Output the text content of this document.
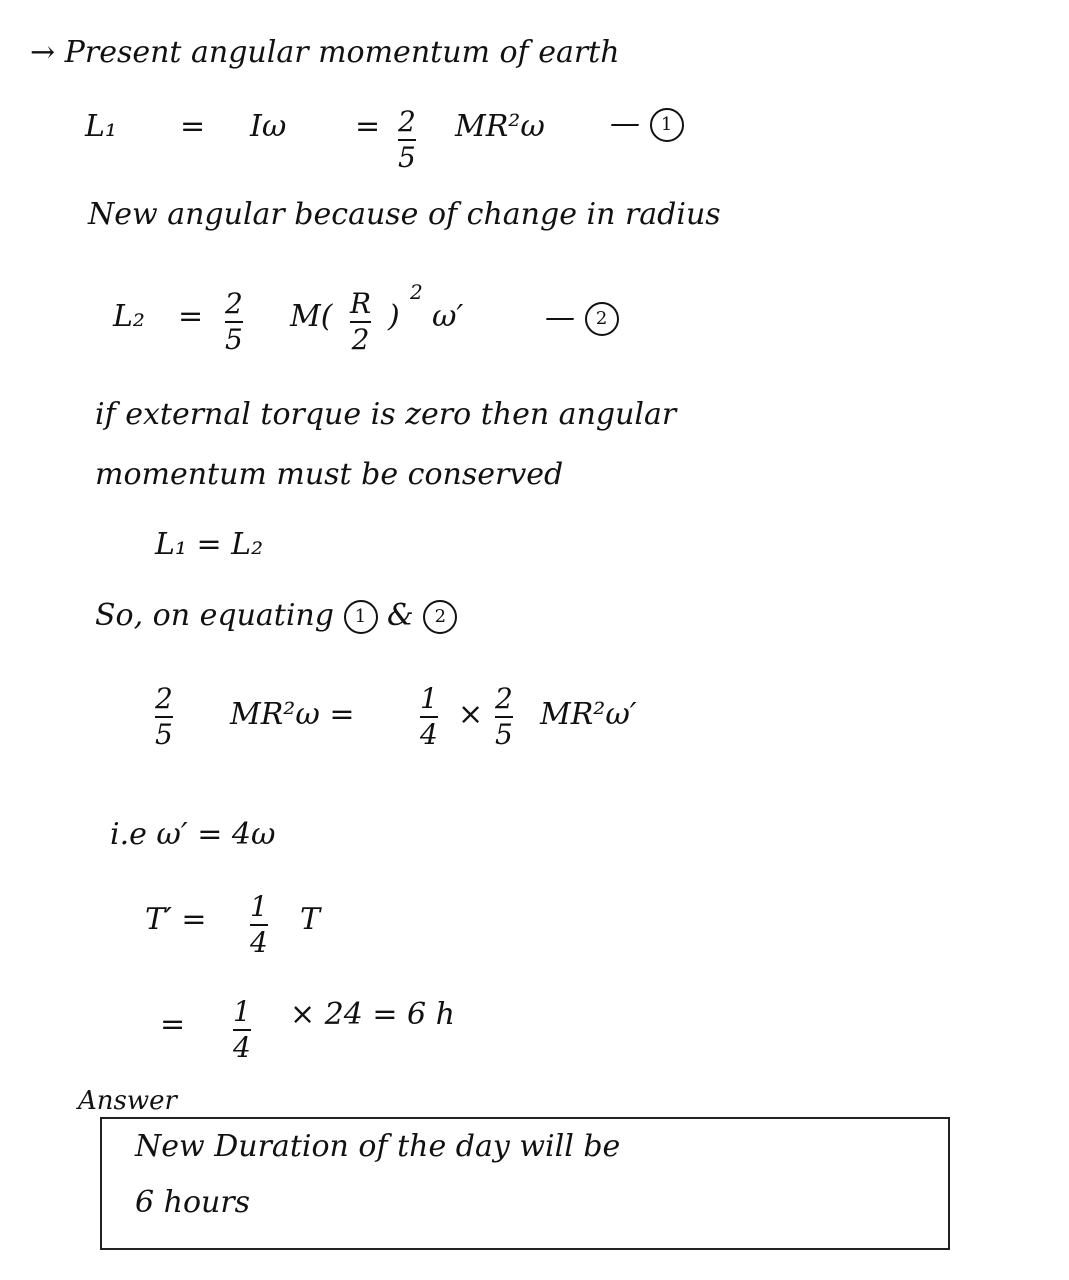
→ Present angular momentum of earth
L₁ = Iω = 2
5
MR²ω — 1
New angular because of change in radius
L₂ = 2
5
M( R
2
)
2
ω′	— 2
if external torque is zero then angular
momentum must be conserved
L₁ = L₂
So, on equating 1 & 2
2
5
MR²ω = 1
4
× 2
5
MR²ω′
i.e ω′ = 4ω
T′ = 1
4
T
= 1
4
× 24 = 6 h
Answer
New Duration of the day will be
6 hours
